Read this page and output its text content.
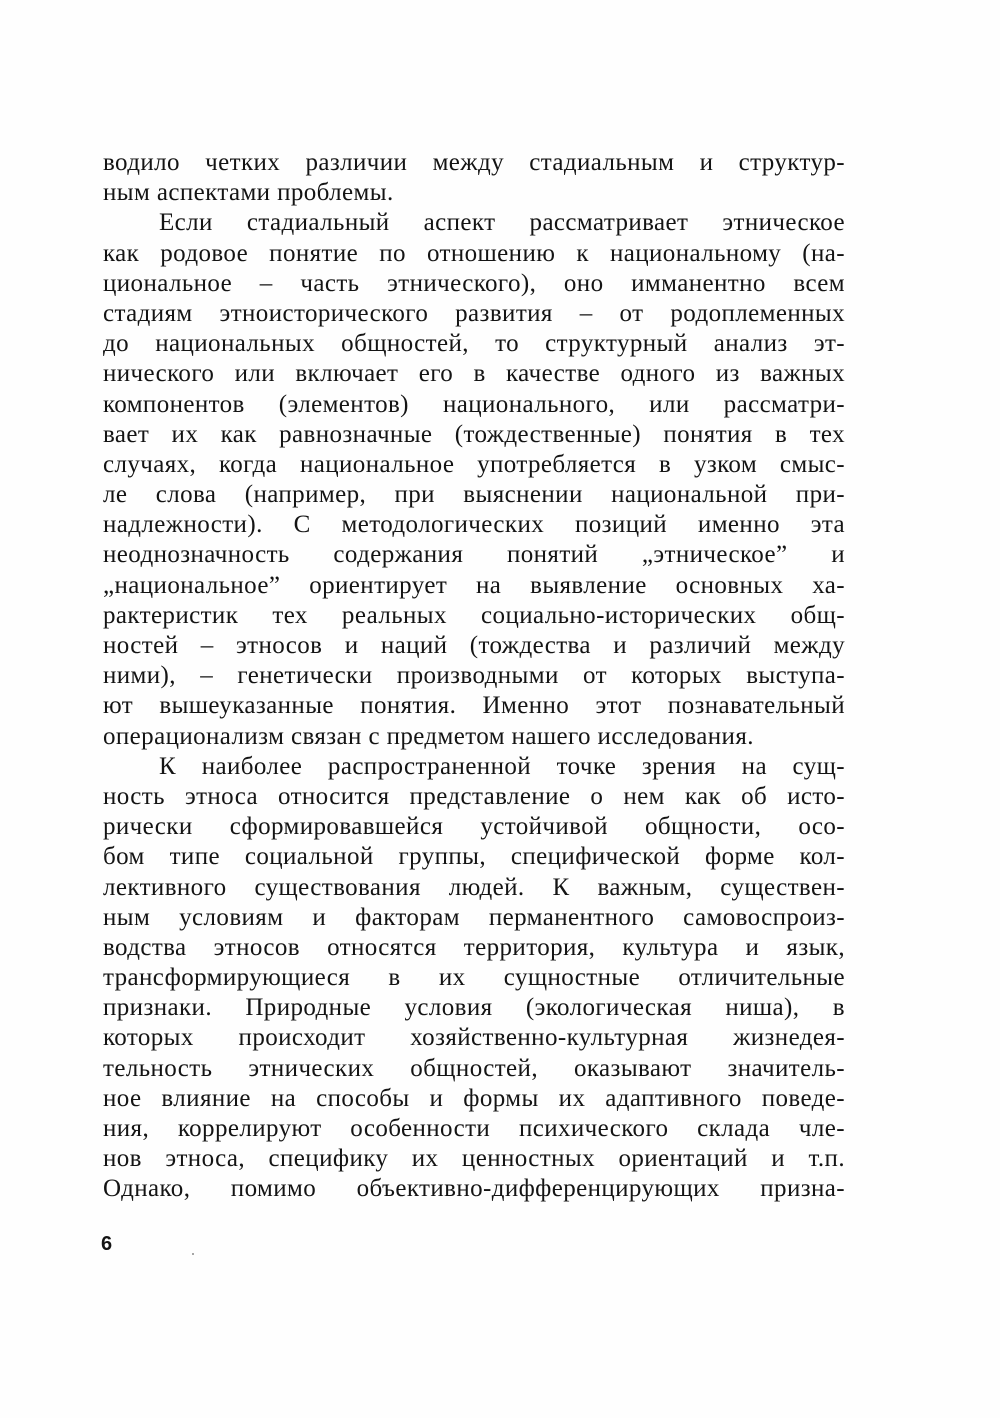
водило четких различии между стадиальным и структур-
ным аспектами проблемы.
Если стадиальный аспект рассматривает этническое
как родовое понятие по отношению к национальному (на-
циональное – часть этнического), оно имманентно всем
стадиям этноисторического развития – от родоплеменных
до национальных общностей, то структурный анализ эт-
нического или включает его в качестве одного из важных
компонентов (элементов) национального, или рассматри-
вает их как равнозначные (тождественные) понятия в тех
случаях, когда национальное употребляется в узком смыс-
ле слова (например, при выяснении национальной при-
надлежности). С методологических позиций именно эта
неоднозначность содержания понятий „этническое” и
„национальное” ориентирует на выявление основных ха-
рактеристик тех реальных социально-исторических общ-
ностей – этносов и наций (тождества и различий между
ними), – генетически производными от которых выступа-
ют вышеуказанные понятия. Именно этот познавательный
операционализм связан с предметом нашего исследования.
К наиболее распространенной точке зрения на сущ-
ность этноса относится представление о нем как об исто-
рически сформировавшейся устойчивой общности, осо-
бом типе социальной группы, специфической форме кол-
лективного существования людей. К важным, существен-
ным условиям и факторам перманентного самовоспроиз-
водства этносов относятся территория, культура и язык,
трансформирующиеся в их сущностные отличительные
признаки. Природные условия (экологическая ниша), в
которых происходит хозяйственно-культурная жизнедея-
тельность этнических общностей, оказывают значитель-
ное влияние на способы и формы их адаптивного поведе-
ния, коррелируют особенности психического склада чле-
нов этноса, специфику их ценностных ориентаций и т.п.
Однако, помимо объективно-дифференцирующих призна-
6
